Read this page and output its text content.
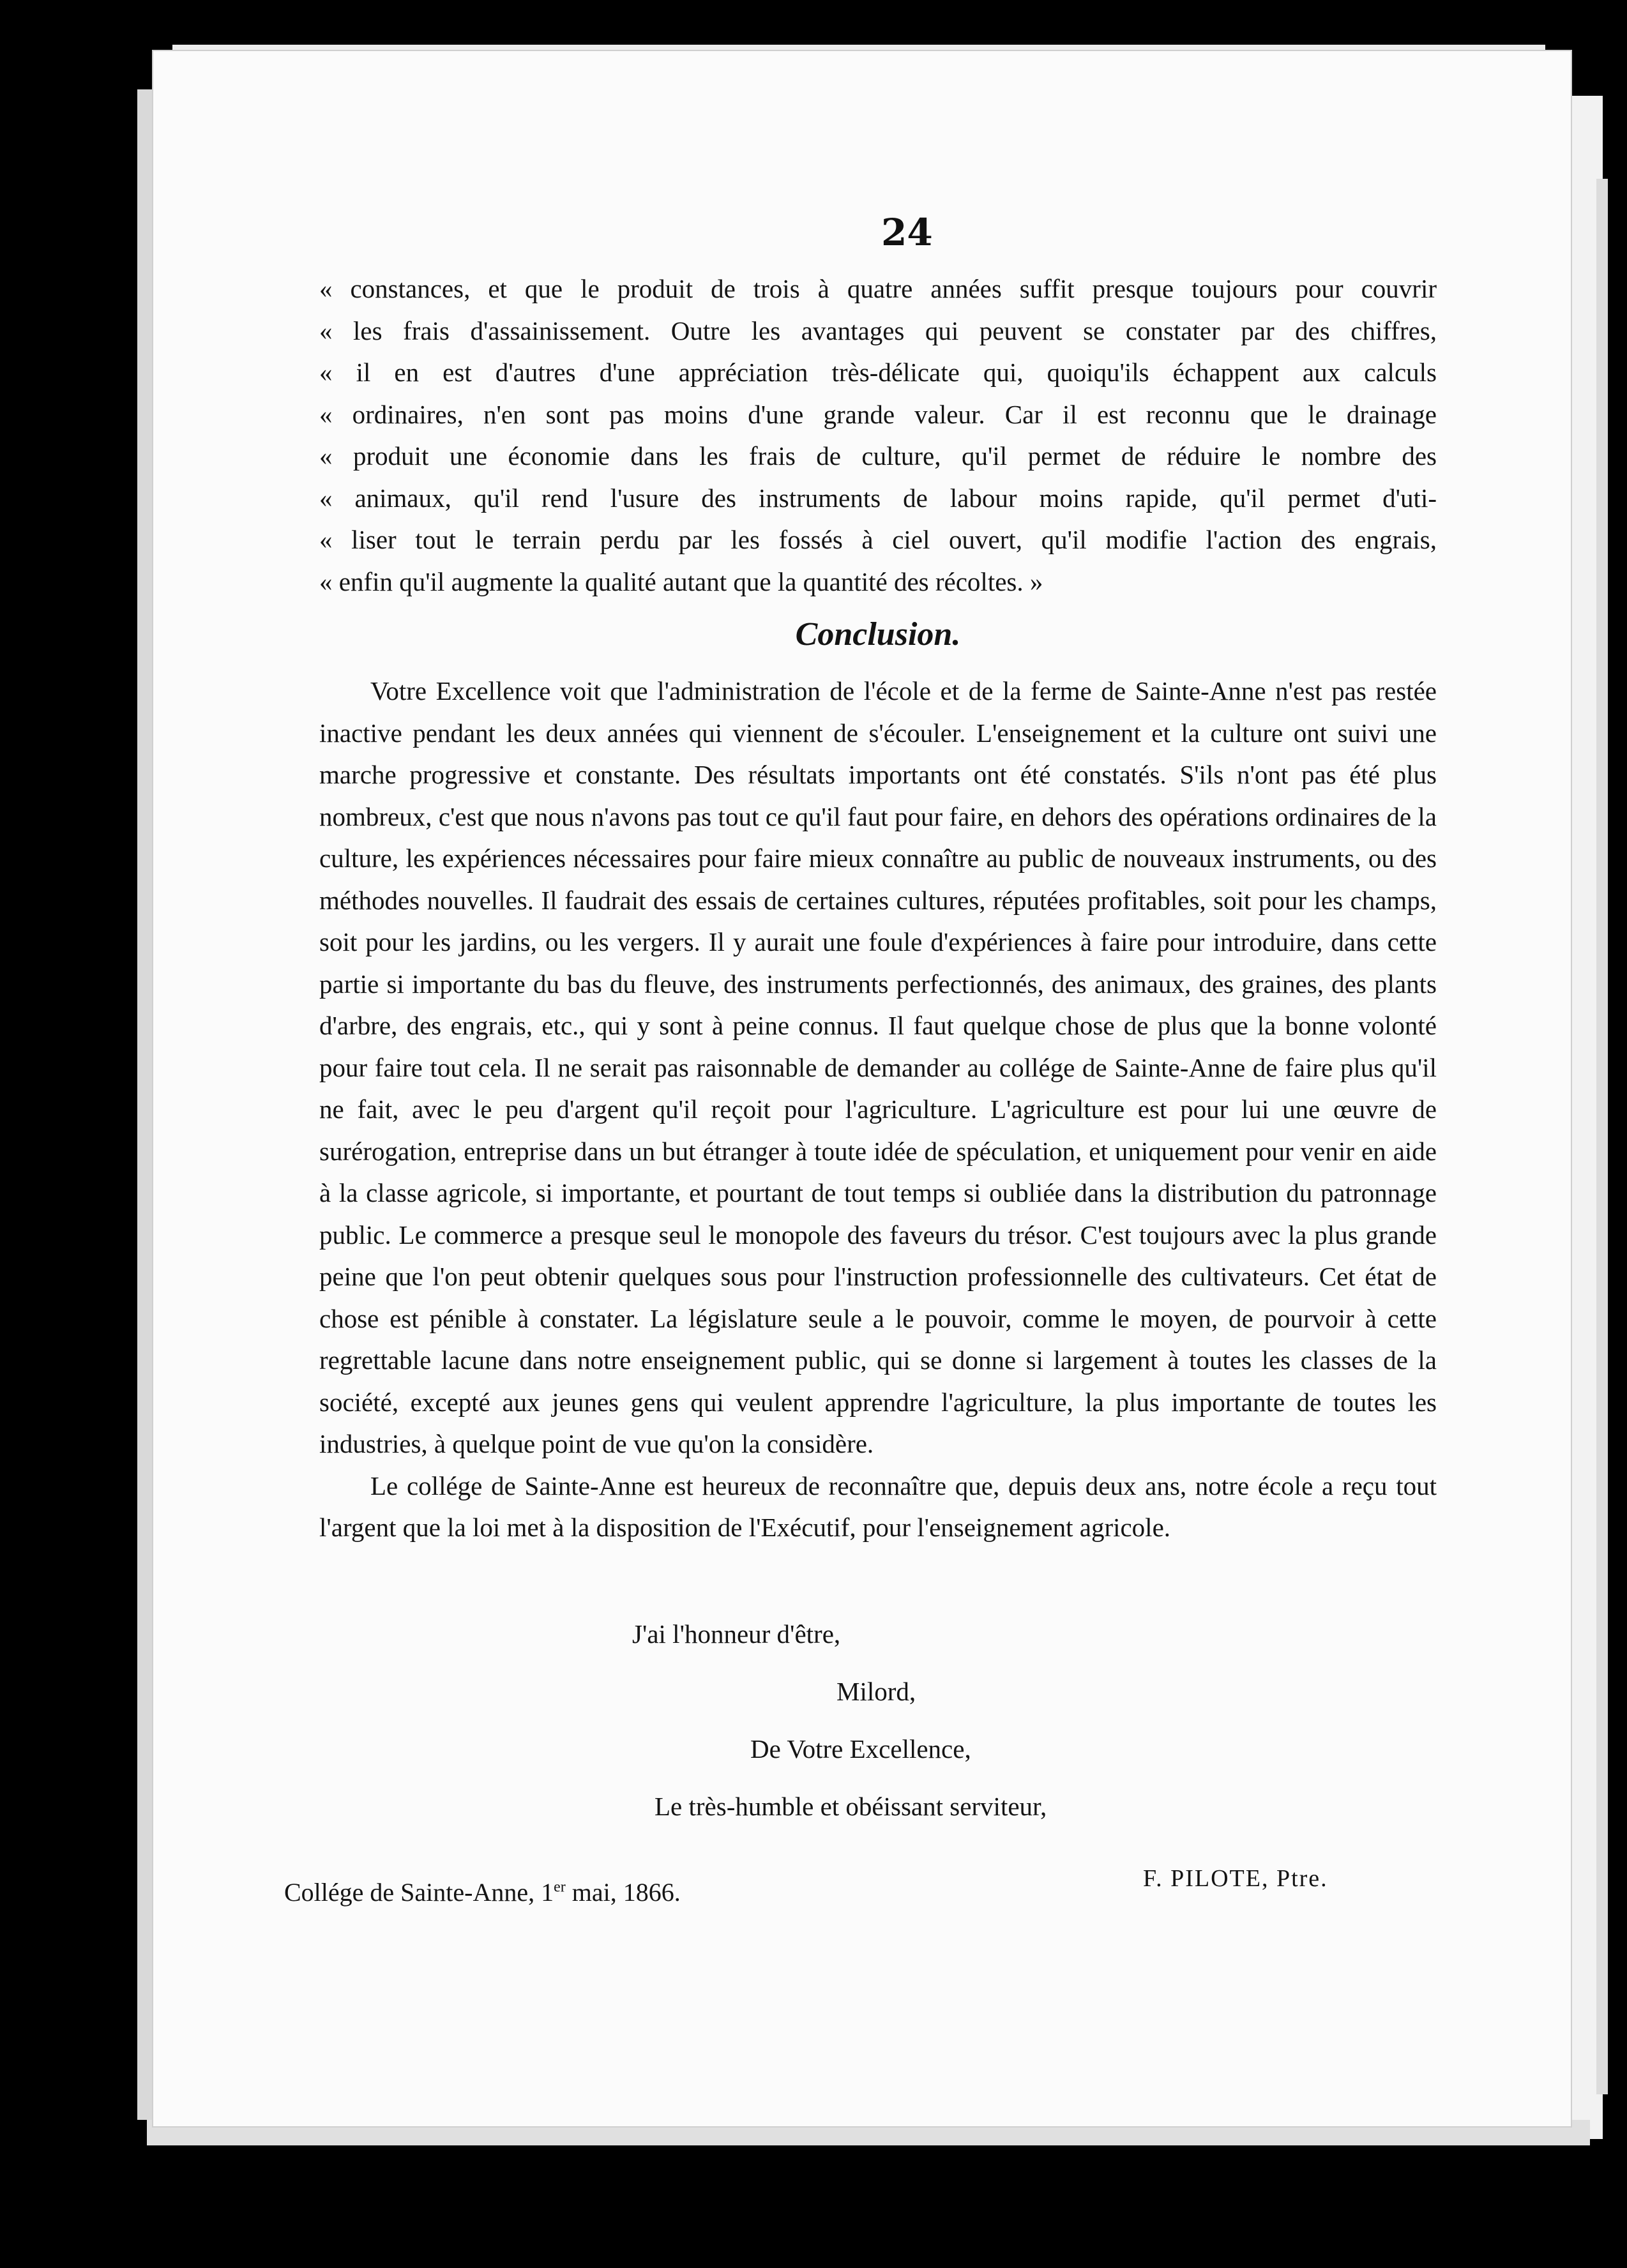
24
« constances, et que le produit de trois à quatre années suffit presque toujours pour couvrir
« les frais d'assainissement. Outre les avantages qui peuvent se constater par des chiffres,
« il en est d'autres d'une appréciation très-délicate qui, quoiqu'ils échappent aux calculs
« ordinaires, n'en sont pas moins d'une grande valeur. Car il est reconnu que le drainage
« produit une économie dans les frais de culture, qu'il permet de réduire le nombre des
« animaux, qu'il rend l'usure des instruments de labour moins rapide, qu'il permet d'uti-
« liser tout le terrain perdu par les fossés à ciel ouvert, qu'il modifie l'action des engrais,
« enfin qu'il augmente la qualité autant que la quantité des récoltes. »
Conclusion.

Votre Excellence voit que l'administration de l'école et de la ferme de Sainte-Anne n'est pas restée inactive pendant les deux années qui viennent de s'écouler. L'enseignement et la culture ont suivi une marche progressive et constante. Des résultats importants ont été constatés. S'ils n'ont pas été plus nombreux, c'est que nous n'avons pas tout ce qu'il faut pour faire, en dehors des opérations ordinaires de la culture, les expériences nécessaires pour faire mieux connaître au public de nouveaux instruments, ou des méthodes nouvelles. Il faudrait des essais de certaines cultures, réputées profitables, soit pour les champs, soit pour les jardins, ou les vergers. Il y aurait une foule d'expériences à faire pour introduire, dans cette partie si importante du bas du fleuve, des instruments perfectionnés, des animaux, des graines, des plants d'arbre, des engrais, etc., qui y sont à peine connus. Il faut quelque chose de plus que la bonne volonté pour faire tout cela. Il ne serait pas raisonnable de demander au collége de Sainte-Anne de faire plus qu'il ne fait, avec le peu d'argent qu'il reçoit pour l'agriculture. L'agriculture est pour lui une œuvre de surérogation, entreprise dans un but étranger à toute idée de spéculation, et uniquement pour venir en aide à la classe agricole, si importante, et pourtant de tout temps si oubliée dans la distribution du patronnage public. Le commerce a presque seul le monopole des faveurs du trésor. C'est toujours avec la plus grande peine que l'on peut obtenir quelques sous pour l'instruction professionnelle des cultivateurs. Cet état de chose est pénible à constater. La législature seule a le pouvoir, comme le moyen, de pourvoir à cette regrettable lacune dans notre enseignement public, qui se donne si largement à toutes les classes de la société, excepté aux jeunes gens qui veulent apprendre l'agriculture, la plus importante de toutes les industries, à quelque point de vue qu'on la considère.

Le collége de Sainte-Anne est heureux de reconnaître que, depuis deux ans, notre école a reçu tout l'argent que la loi met à la disposition de l'Exécutif, pour l'enseignement agricole.

J'ai l'honneur d'être,
Milord,
De Votre Excellence,
Le très-humble et obéissant serviteur,
Collége de Sainte-Anne, 1er mai, 1866.	F. PILOTE, Ptre.
